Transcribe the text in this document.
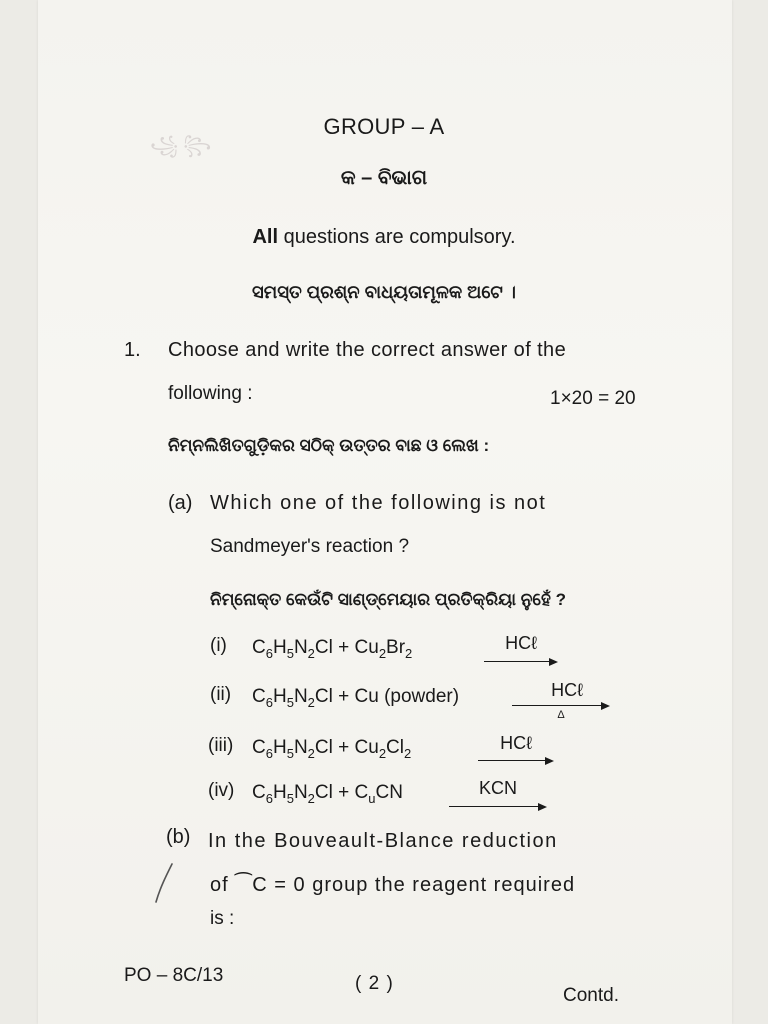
꧁ ꧂
GROUP – A
କ – ବିଭାଗ
All questions are compulsory.
ସମସ୍ତ ପ୍ରଶ୍ନ ବାଧ୍ୟତାମୂଳକ ଅଟେ ।
1. Choose and write the correct answer of the
following :	1×20 = 20
ନିମ୍ନଲିଖିତଗୁଡ଼ିକର ସଠିକ୍ ଉତ୍ତର ବାଛ ଓ ଲେଖ :
(a) Which one of the following is not
Sandmeyer's reaction ?
ନିମ୍ନୋକ୍ତ କେଉଁଟି ସାଣ୍ଡ୍‌ମେୟାର ପ୍ରତିକ୍ରିୟା ନୁହେଁ ?
(i) $C_6H_5N_2Cl + Cu_2Br_2$
HCℓ
(ii) $C_6H_5N_2Cl + Cu$ (powder)	HCℓ
Δ
(iii) $C_6H_5N_2Cl + Cu_2Cl_2$
HCℓ
(iv) $C_6H_5N_2Cl + C_uCN$	KCN
(b) In the Bouveault-Blance reduction
of ⁀C = 0 group the reagent required
is :
PO – 8C/13	( 2 )
Contd.
